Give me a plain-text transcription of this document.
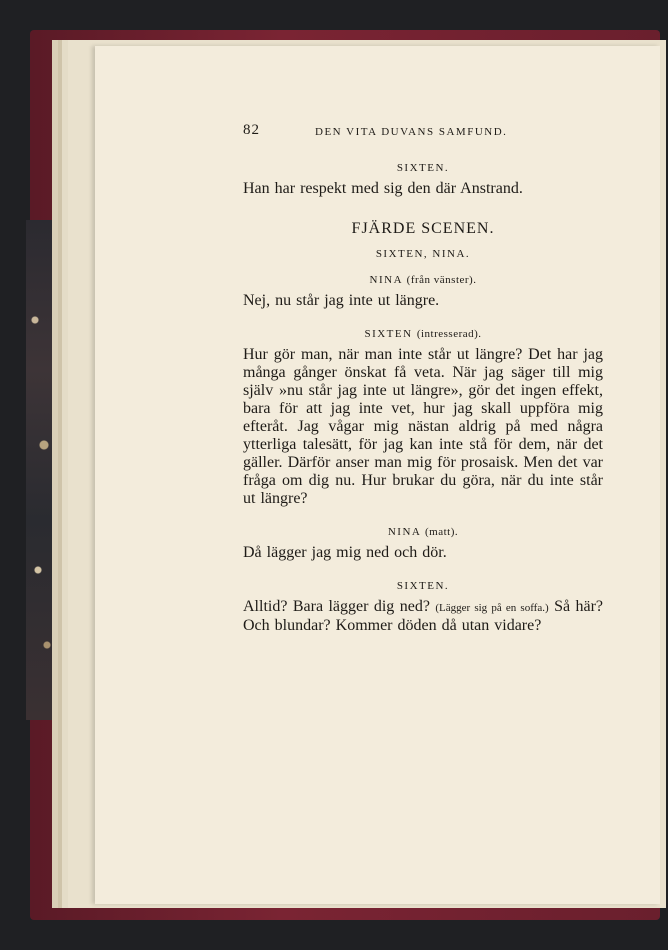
82	DEN VITA DUVANS SAMFUND.
SIXTEN.
Han har respekt med sig den där Anstrand.
FJÄRDE SCENEN.
SIXTEN, NINA.
NINA (från vänster).
Nej, nu står jag inte ut längre.
SIXTEN (intresserad).
Hur gör man, när man inte står ut längre? Det har jag många gånger önskat få veta. När jag säger till mig själv »nu står jag inte ut längre», gör det ingen effekt, bara för att jag inte vet, hur jag skall uppföra mig efteråt. Jag vågar mig nästan aldrig på med några ytterliga talesätt, för jag kan inte stå för dem, när det gäller. Därför anser man mig för prosaisk. Men det var fråga om dig nu. Hur brukar du göra, när du inte står ut längre?
NINA (matt).
Då lägger jag mig ned och dör.
SIXTEN.
Alltid? Bara lägger dig ned? (Lägger sig på en soffa.) Så här? Och blundar? Kommer döden då utan vidare?
